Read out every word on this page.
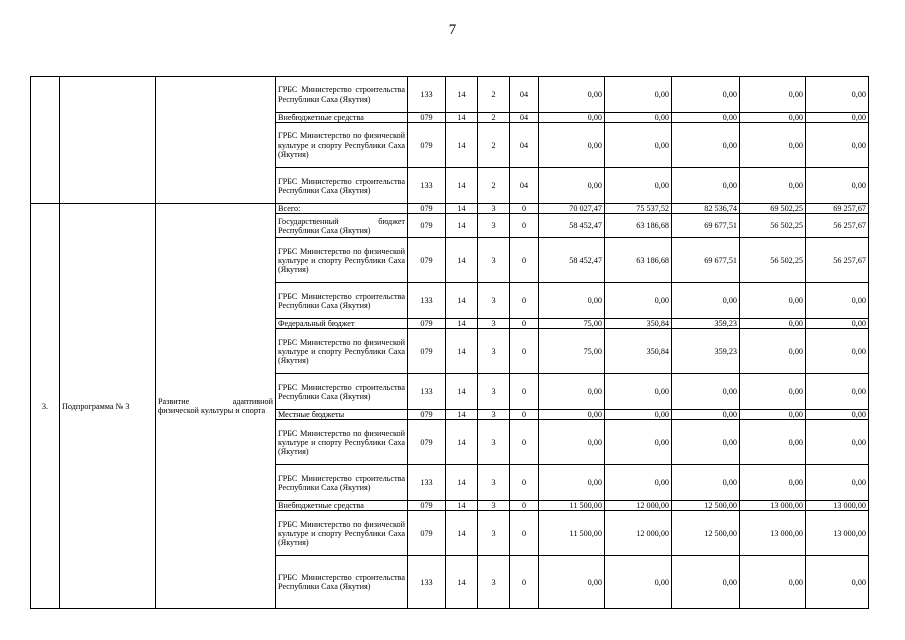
7
			ГРБС Министерство строительства Республики Саха (Якутия)	133	14	2	04	0,00	0,00	0,00	0,00	0,00
			Внебюджетные средства	079	14	2	04	0,00	0,00	0,00	0,00	0,00
			ГРБС Министерство по физической культуре и спорту Республики Саха (Якутия)	079	14	2	04	0,00	0,00	0,00	0,00	0,00
			ГРБС Министерство строительства Республики Саха (Якутия)	133	14	2	04	0,00	0,00	0,00	0,00	0,00
3.	Подпрограмма № 3	Развитие адаптивной физической культуры и спорта	Всего:	079	14	3	0	70 027,47	75 537,52	82 536,74	69 502,25	69 257,67
			Государственный бюджет Республики Саха (Якутия)	079	14	3	0	58 452,47	63 186,68	69 677,51	56 502,25	56 257,67
			ГРБС Министерство по физической культуре и спорту Республики Саха (Якутия)	079	14	3	0	58 452,47	63 186,68	69 677,51	56 502,25	56 257,67
			ГРБС Министерство строительства Республики Саха (Якутия)	133	14	3	0	0,00	0,00	0,00	0,00	0,00
			Федеральный бюджет	079	14	3	0	75,00	350,84	359,23	0,00	0,00
			ГРБС Министерство по физической культуре и спорту Республики Саха (Якутия)	079	14	3	0	75,00	350,84	359,23	0,00	0,00
			ГРБС Министерство строительства Республики Саха (Якутия)	133	14	3	0	0,00	0,00	0,00	0,00	0,00
			Местные бюджеты	079	14	3	0	0,00	0,00	0,00	0,00	0,00
			ГРБС Министерство по физической культуре и спорту Республики Саха (Якутия)	079	14	3	0	0,00	0,00	0,00	0,00	0,00
			ГРБС Министерство строительства Республики Саха (Якутия)	133	14	3	0	0,00	0,00	0,00	0,00	0,00
			Внебюджетные средства	079	14	3	0	11 500,00	12 000,00	12 500,00	13 000,00	13 000,00
			ГРБС Министерство по физической культуре и спорту Республики Саха (Якутия)	079	14	3	0	11 500,00	12 000,00	12 500,00	13 000,00	13 000,00
			ГРБС Министерство строительства Республики Саха (Якутия)	133	14	3	0	0,00	0,00	0,00	0,00	0,00
